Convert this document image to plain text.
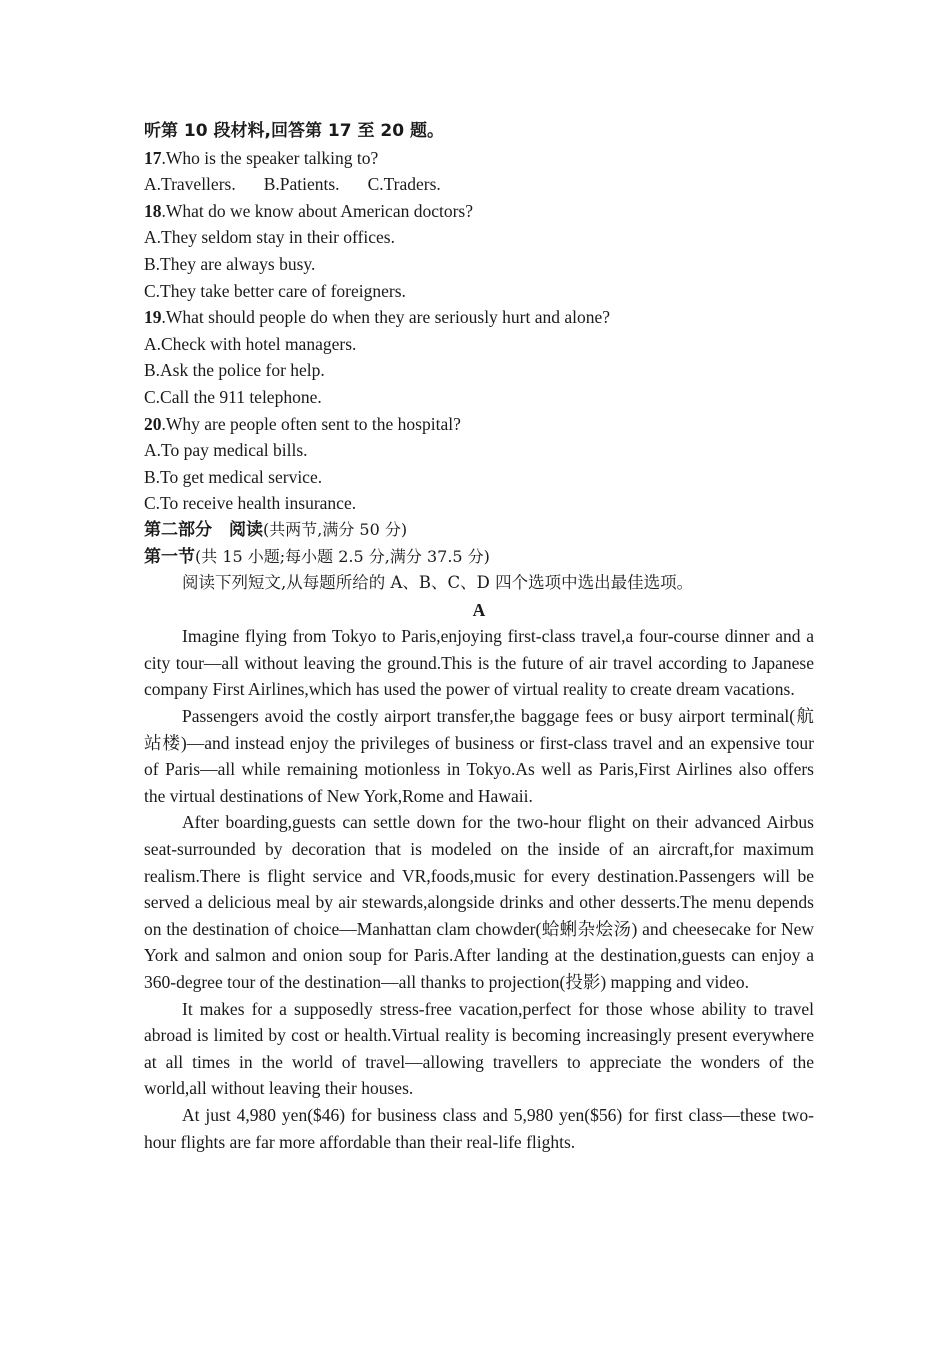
听第 10 段材料,回答第 17 至 20 题。
17.Who is the speaker talking to?
A.Travellers. B.Patients. C.Traders.
18.What do we know about American doctors?
A.They seldom stay in their offices.
B.They are always busy.
C.They take better care of foreigners.
19.What should people do when they are seriously hurt and alone?
A.Check with hotel managers.
B.Ask the police for help.
C.Call the 911 telephone.
20.Why are people often sent to the hospital?
A.To pay medical bills.
B.To get medical service.
C.To receive health insurance.
第二部分　阅读(共两节,满分 50 分)
第一节(共 15 小题;每小题 2.5 分,满分 37.5 分)
阅读下列短文,从每题所给的 A、B、C、D 四个选项中选出最佳选项。
A
Imagine flying from Tokyo to Paris,enjoying first-class travel,a four-course dinner and a city tour—all without leaving the ground.This is the future of air travel according to Japanese company First Airlines,which has used the power of virtual reality to create dream vacations.
Passengers avoid the costly airport transfer,the baggage fees or busy airport terminal(航站楼)—and instead enjoy the privileges of business or first-class travel and an expensive tour of Paris—all while remaining motionless in Tokyo.As well as Paris,First Airlines also offers the virtual destinations of New York,Rome and Hawaii.
After boarding,guests can settle down for the two-hour flight on their advanced Airbus seat-surrounded by decoration that is modeled on the inside of an aircraft,for maximum realism.There is flight service and VR,foods,music for every destination.Passengers will be served a delicious meal by air stewards,alongside drinks and other desserts.The menu depends on the destination of choice—Manhattan clam chowder(蛤蜊杂烩汤) and cheesecake for New York and salmon and onion soup for Paris.After landing at the destination,guests can enjoy a 360-degree tour of the destination—all thanks to projection(投影) mapping and video.
It makes for a supposedly stress-free vacation,perfect for those whose ability to travel abroad is limited by cost or health.Virtual reality is becoming increasingly present everywhere at all times in the world of travel—allowing travellers to appreciate the wonders of the world,all without leaving their houses.
At just 4,980 yen($46) for business class and 5,980 yen($56) for first class—these two-hour flights are far more affordable than their real-life flights.
